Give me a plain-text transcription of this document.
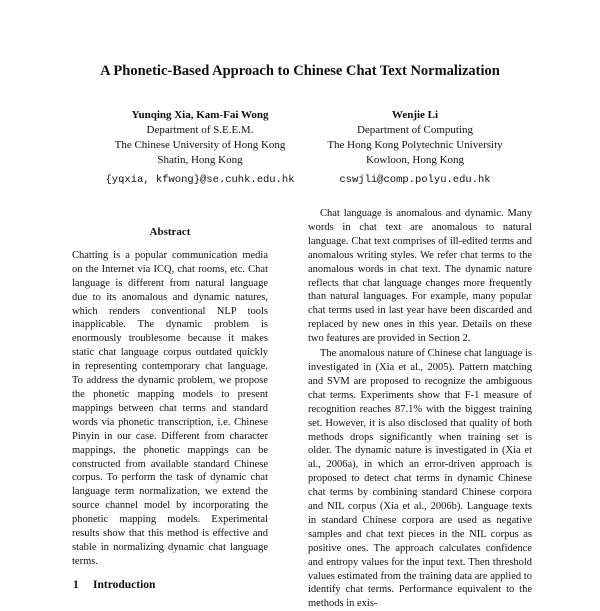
A Phonetic-Based Approach to Chinese Chat Text Normalization
Yunqing Xia, Kam-Fai Wong
Department of S.E.E.M.
The Chinese University of Hong Kong
Shatin, Hong Kong
{yqxia, kfwong}@se.cuhk.edu.hk
Wenjie Li
Department of Computing
The Hong Kong Polytechnic University
Kowloon, Hong Kong
cswjli@comp.polyu.edu.hk
Abstract
Chatting is a popular communication media on the Internet via ICQ, chat rooms, etc. Chat language is different from natural language due to its anomalous and dynamic natures, which renders conventional NLP tools inapplicable. The dynamic problem is enormously troublesome because it makes static chat language corpus outdated quickly in representing contemporary chat language. To address the dynamic problem, we propose the phonetic mapping models to present mappings between chat terms and standard words via phonetic transcription, i.e. Chinese Pinyin in our case. Different from character mappings, the phonetic mappings can be constructed from available standard Chinese corpus. To perform the task of dynamic chat language term normalization, we extend the source channel model by incorporating the phonetic mapping models. Experimental results show that this method is effective and stable in normalizing dynamic chat language terms.
1 Introduction

Chat language is anomalous and dynamic. Many words in chat text are anomalous to natural language. Chat text comprises of ill-edited terms and anomalous writing styles. We refer chat terms to the anomalous words in chat text. The dynamic nature reflects that chat language changes more frequently than natural languages. For example, many popular chat terms used in last year have been discarded and replaced by new ones in this year. Details on these two features are provided in Section 2.

The anomalous nature of Chinese chat language is investigated in (Xia et al., 2005). Pattern matching and SVM are proposed to recognize the ambiguous chat terms. Experiments show that F-1 measure of recognition reaches 87.1% with the biggest training set. However, it is also disclosed that quality of both methods drops significantly when training set is older. The dynamic nature is investigated in (Xia et al., 2006a), in which an error-driven approach is proposed to detect chat terms in dynamic Chinese chat terms by combining standard Chinese corpora and NIL corpus (Xia et al., 2006b). Language texts in standard Chinese corpora are used as negative samples and chat text pieces in the NIL corpus as positive ones. The approach calculates confidence and entropy values for the input text. Then threshold values estimated from the training data are applied to identify chat terms. Performance equivalent to the methods in exis-
